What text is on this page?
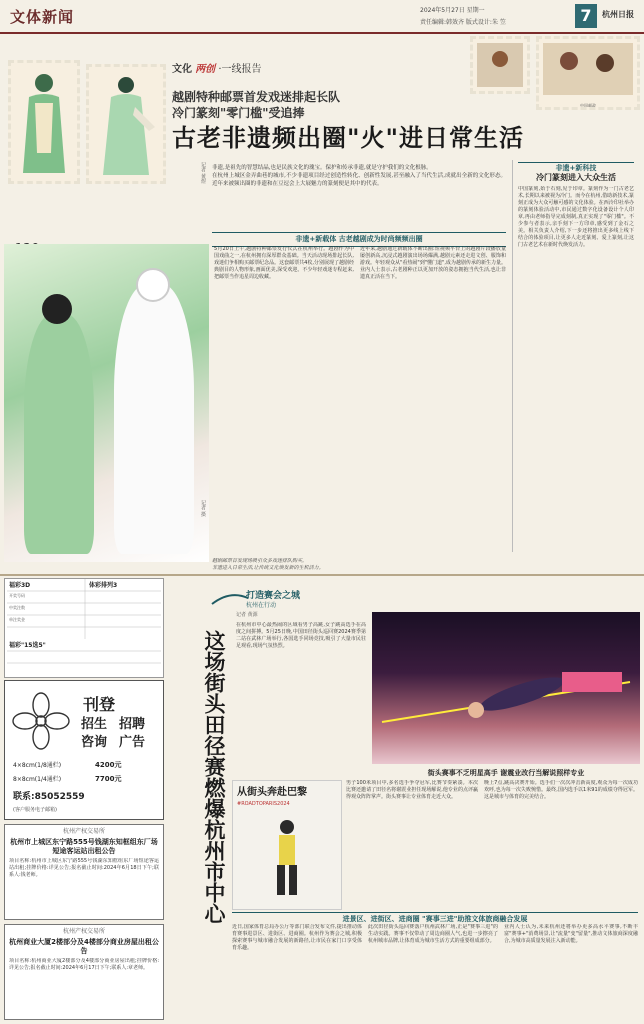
文体新闻	2024年5月27日 星期一
责任编辑:韩效齐 版式设计:朱 笠	7	杭州日报
中国邮政
文化 两创 ·一线报告
越剧特种邮票首发戏迷排起长队
冷门篆刻"零门槛"受追捧
古老非遗频出圈"火"进日常生活
记者 黄煜 非遗,是祖先的智慧结晶,也是民族文化的瑰宝。保护和传承非遗,就是守护我们的文化根脉。
在杭州上城区金弄曲巷的城市,不少非遗项目经过创造性转化、创新性发展,甚至融入了当代生活,成就出全新的文化形态。近年来被频出圈的非遗和在豆逗会上大展魅力的篆刻便是其中的代表。
非遗+新载体 古老越剧成为时尚频频出圈
5月20日上午,越剧特种邮票发行仪式在杭州举行。越剧作为中国戏曲之一,在杭州拥有深厚群众基础。当天活动现场排起长队,戏迷们争相购买邮票纪念品。这套邮票共4枚,分别展现了越剧经典剧目的人物形象,画面优美,深受欢迎。不少年轻戏迷专程赶来,把邮票当作追星周边收藏。
近年来,越剧通过新载体不断出圈:短视频平台上的越剧片段播放量屡创新高,沉浸式越剧演出场场爆满,越剧元素还走进文创、服饰和游戏。年轻观众从"看热闹"到"懂门道",成为越剧传承的新生力量。业内人士表示,古老剧种正以更加开放的姿态拥抱当代生活,也让非遗真正活在当下。
记者 摄
越剧邮票首发现场吸引众多戏迷排队购买。
非遗进入日常生活,让传统文化焕发新的生机活力。
非遗+新科技
冷门篆刻进入大众生活
中国篆刻,始于石刻,见于印章。篆刻作为一门古老艺术,长期以来被视为冷门。而今在杭州,借助新技术,篆刻正成为大众可触可感的文化体验。在西泠印社举办的篆刻体验活动中,市民通过数字化设备设计个人印章,再由老师指导完成刻制,真正实现了"零门槛"。不少参与者表示,亲手刻下一方印章,感受到了金石之美。相关负责人介绍,下一步还将推出更多线上线下结合的体验项目,让更多人走近篆刻、爱上篆刻,让这门古老艺术在新时代焕发活力。
福彩3D	体彩排列3
福彩"15选5"
开奖号码
中奖注数
单注奖金
刊登
招生 招聘
咨询 广告
4×8cm(1/8通栏)	4200元
8×8cm(1/4通栏)	7700元
联系:85052559
(客户服务电子邮箱)
杭州产权交易所
杭州市上城区东宁路555号钱湖东知框组东厂场短途客运站出租公告
项目名称:杭州市上城区东宁路555号钱湖东知框组东厂场短途客运站出租;挂牌价格:详见公告;报名截止时间:2024年6月18日下午;联系人:钱老师。
杭州产权交易所
杭州商业大厦2楼部分及4楼部分商业房屋出租公告
项目名称:杭州商业大厦2楼部分及4楼部分商业房屋出租;挂牌价格:详见公告;报名截止时间:2024年6月17日下午;联系人:章老师。
打造赛会之城
杭州在行动
这场街头田径赛燃爆杭州市中心
记者 黄源
在杭州市中心最热闹的区域看男子高跳,女子跳高选手在高度之间拼搏。5月25日晚,中国田径街头巡回赛2024赛季第二站在武林广场举行,各国选手同场竞技,吸引了大量市民驻足观看,现场气氛热烈。
街头赛事不乏明星高手 谢震业改行当解说照样专业
从街头奔赴巴黎
#ROADTOPARIS2024
男子100米项目中,多名选手争夺冠军,比赛节奏紧凑。本次比赛还邀请了田径名将谢震业担任现场解说,他专业的点评赢得观众阵阵掌声。街头赛事让专业体育走近大众。
晚上7点,跳高决赛开始。选手们一次次冲击新高度,观众为每一次成功欢呼,也为每一次失败惋惜。最终,国内选手以1米91的成绩夺得冠军。这是城市与体育的完美结合。
进景区、进街区、进商圈 "赛事三进"助推文体旅商融合发展
近日,国家体育总局办公厅等部门联合发布文件,提出推动体育赛事进景区、进街区、进商圈。杭州作为赛会之城,积极探索赛事与城市融合发展的新路径,让市民在家门口享受体育乐趣。
此次田径街头巡回赛落户杭州武林广场,正是"赛事三进"的生动实践。赛事不仅带动了周边商圈人气,也进一步擦亮了杭州城市品牌,让体育成为城市生活方式的重要组成部分。
业内人士认为,未来杭州还将举办更多高水平赛事,不断丰富"赛事+"消费场景,让"流量"变"留量",推动文体旅商深度融合,为城市高质量发展注入新动能。
